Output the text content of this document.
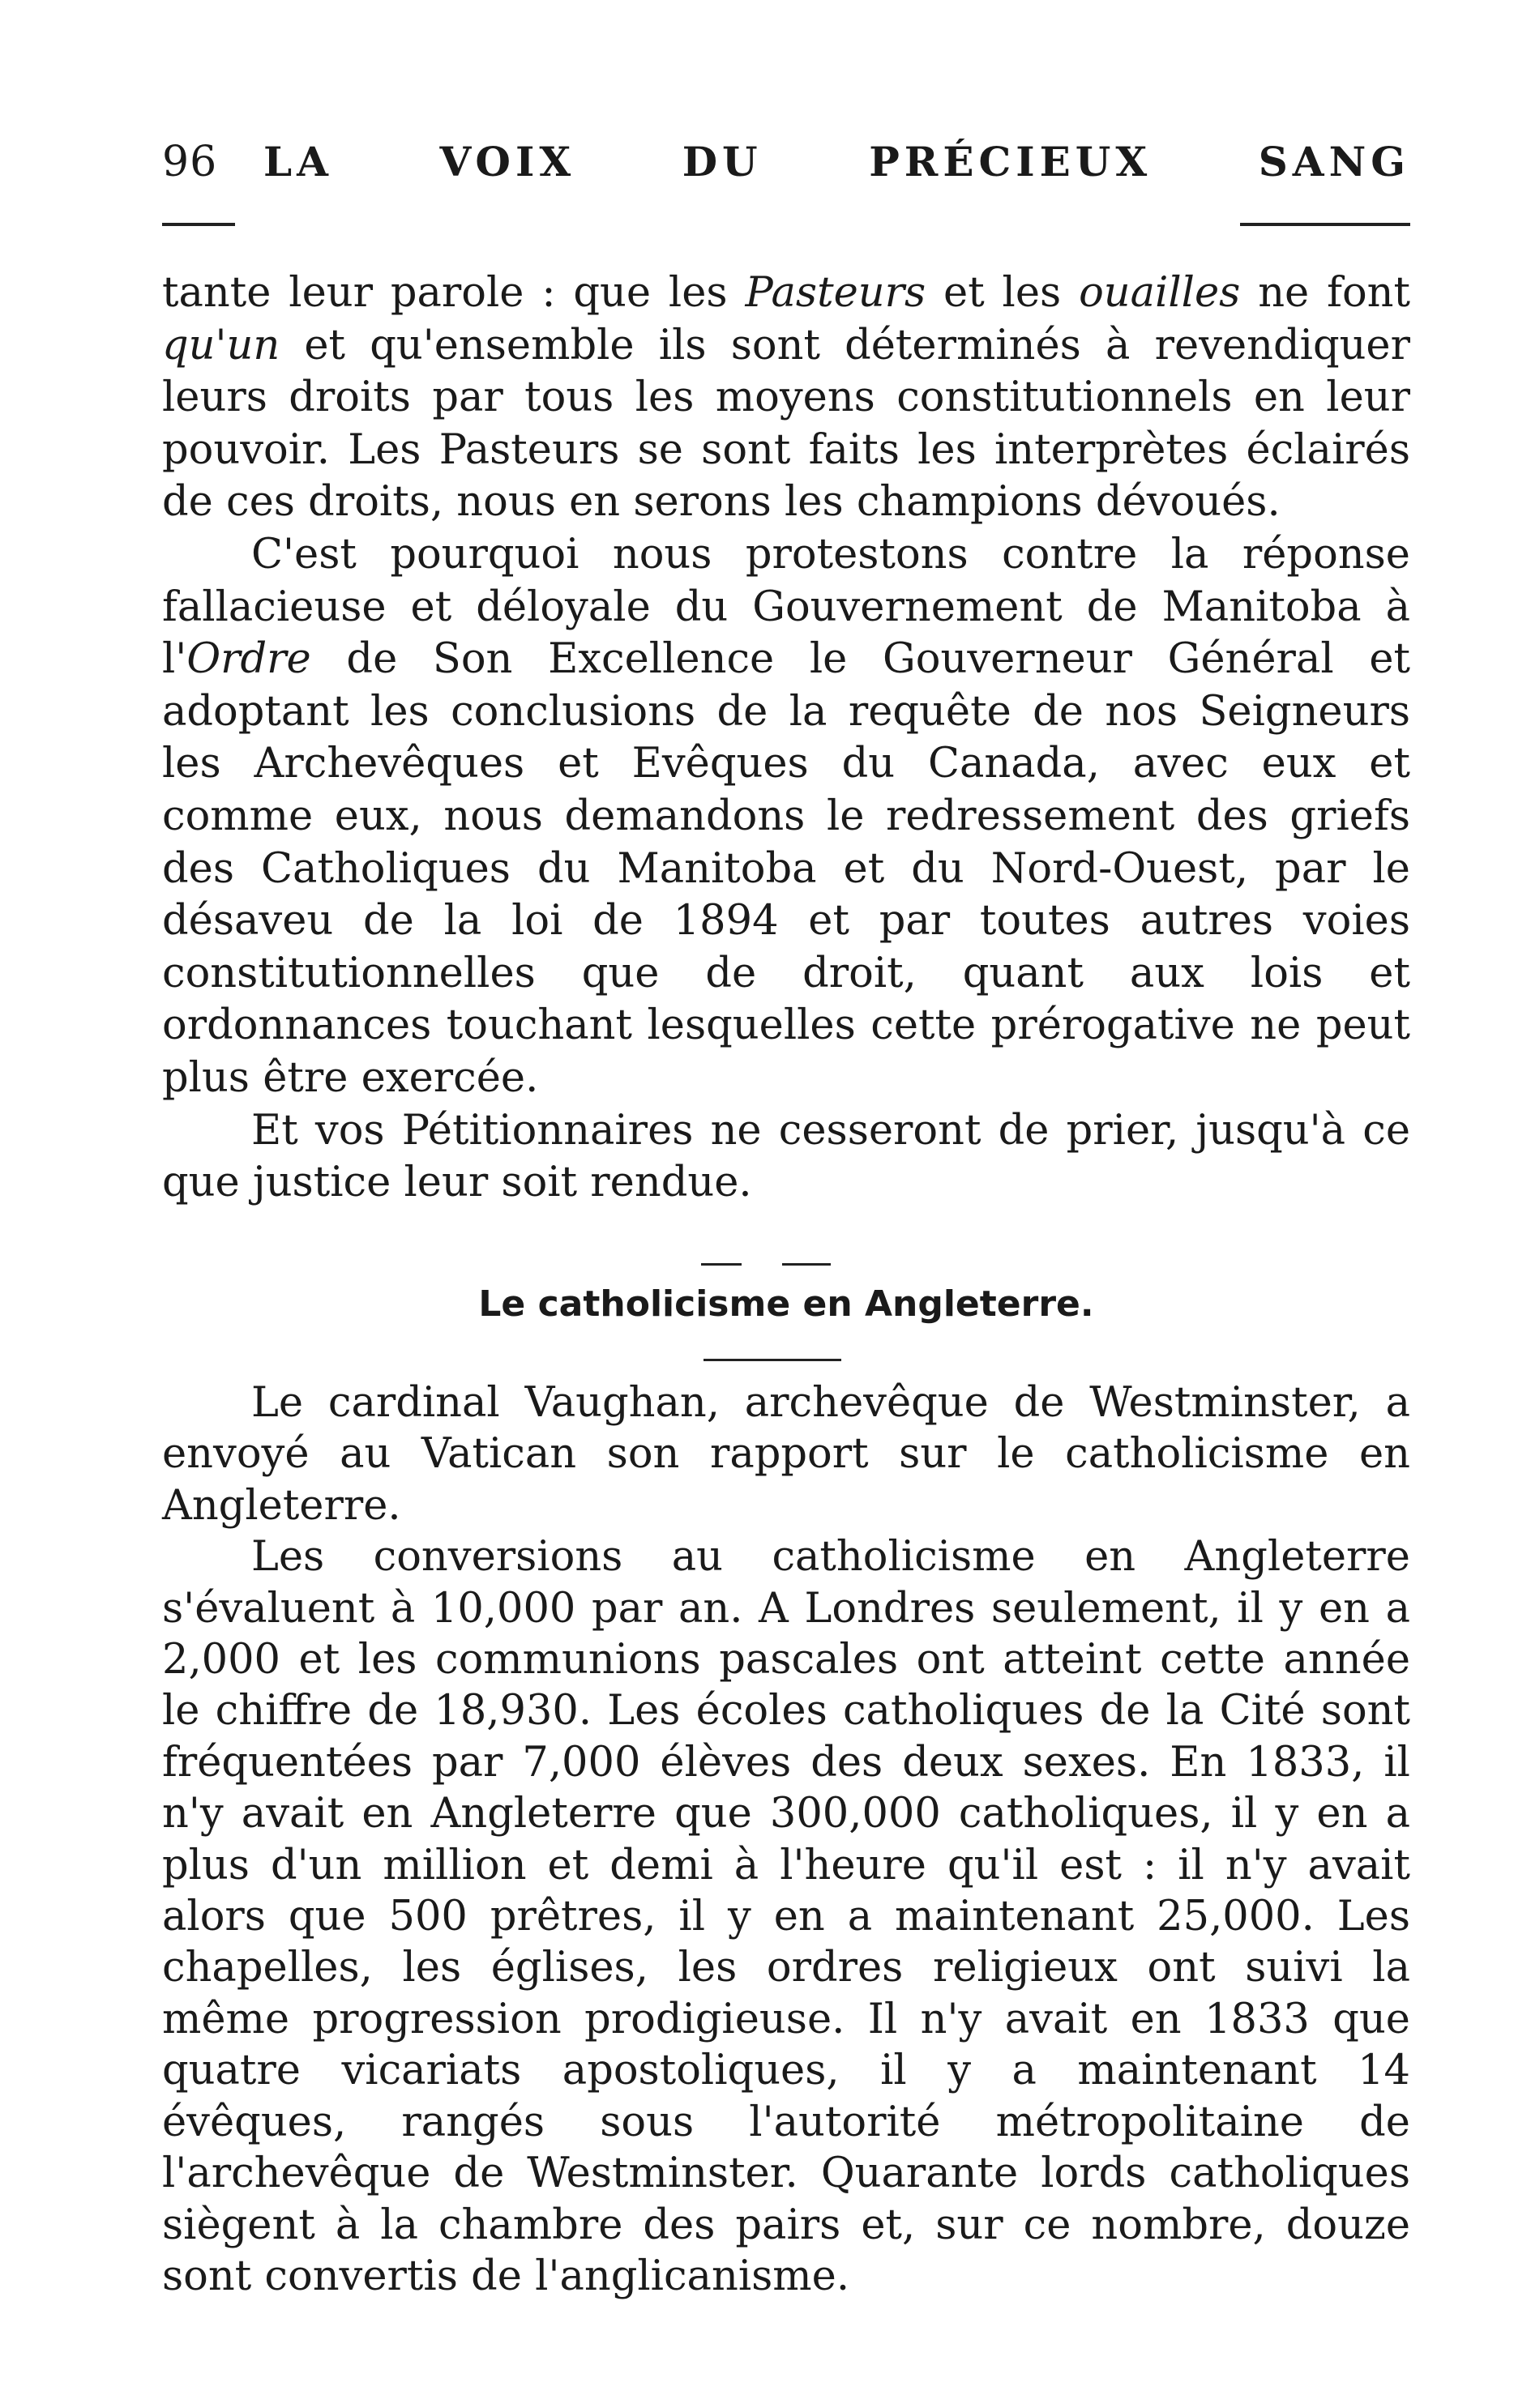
96 LA VOIX DU PRÉCIEUX SANG

tante leur parole : que les Pasteurs et les ouailles ne font qu'un et qu'ensemble ils sont déterminés à revendiquer leurs droits par tous les moyens constitutionnels en leur pouvoir. Les Pasteurs se sont faits les interprètes éclairés de ces droits, nous en serons les champions dévoués.

C'est pourquoi nous protestons contre la réponse fallacieuse et déloyale du Gouvernement de Manitoba à l'Ordre de Son Excellence le Gouverneur Général et adoptant les conclusions de la requête de nos Seigneurs les Archevêques et Evêques du Canada, avec eux et comme eux, nous demandons le redressement des griefs des Catholiques du Manitoba et du Nord-Ouest, par le désaveu de la loi de 1894 et par toutes autres voies constitutionnelles que de droit, quant aux lois et ordonnances touchant lesquelles cette prérogative ne peut plus être exercée.

Et vos Pétitionnaires ne cesseront de prier, jusqu'à ce que justice leur soit rendue.

Le catholicisme en Angleterre.

Le cardinal Vaughan, archevêque de Westminster, a envoyé au Vatican son rapport sur le catholicisme en Angleterre.

Les conversions au catholicisme en Angleterre s'évaluent à 10,000 par an. A Londres seulement, il y en a 2,000 et les communions pascales ont atteint cette année le chiffre de 18,930. Les écoles catholiques de la Cité sont fréquentées par 7,000 élèves des deux sexes. En 1833, il n'y avait en Angleterre que 300,000 catholiques, il y en a plus d'un million et demi à l'heure qu'il est : il n'y avait alors que 500 prêtres, il y en a maintenant 25,000. Les chapelles, les églises, les ordres religieux ont suivi la même progression prodigieuse. Il n'y avait en 1833 que quatre vicariats apostoliques, il y a maintenant 14 évêques, rangés sous l'autorité métropolitaine de l'archevêque de Westminster. Quarante lords catholiques siègent à la chambre des pairs et, sur ce nombre, douze sont convertis de l'anglicanisme.
